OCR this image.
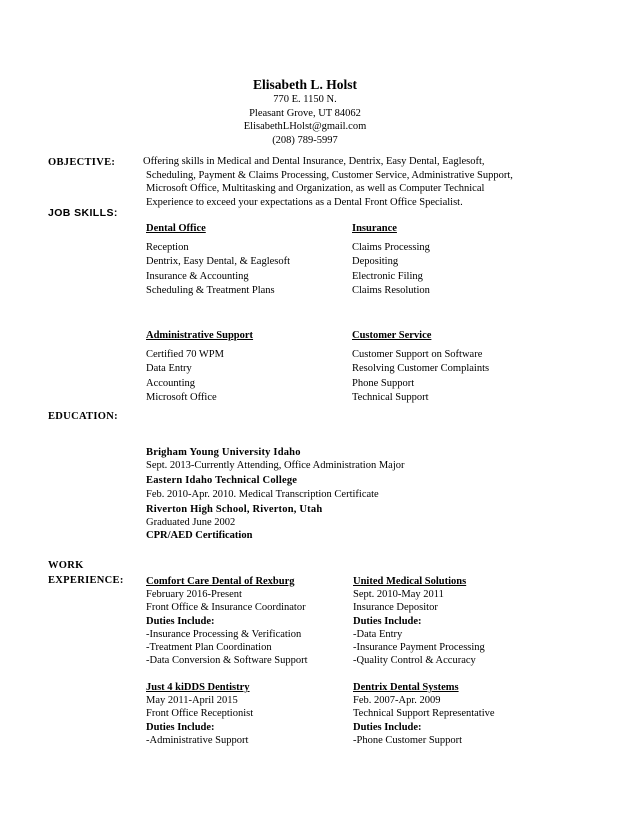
Elisabeth L. Holst
770 E. 1150 N.
Pleasant Grove, UT 84062
ElisabethLHolst@gmail.com
(208) 789-5997
OBJECTIVE:	Offering skills in Medical and Dental Insurance, Dentrix, Easy Dental, Eaglesoft,
Scheduling, Payment & Claims Processing, Customer Service, Administrative Support,
Microsoft Office, Multitasking and Organization, as well as Computer Technical
Experience to exceed your expectations as a Dental Front Office Specialist.
JOB SKILLS:
Dental Office
Reception
Dentrix, Easy Dental, & Eaglesoft
Insurance & Accounting
Scheduling & Treatment Plans
Insurance
Claims Processing
Depositing
Electronic Filing
Claims Resolution
Administrative Support
Certified 70 WPM
Data Entry
Accounting
Microsoft Office
Customer Service
Customer Support on Software
Resolving Customer Complaints
Phone Support
Technical Support
EDUCATION:
Brigham Young University Idaho
Sept. 2013-Currently Attending, Office Administration Major
Eastern Idaho Technical College
Feb. 2010-Apr. 2010. Medical Transcription Certificate
Riverton High School, Riverton, Utah
Graduated June 2002
CPR/AED Certification
WORK
EXPERIENCE: Comfort Care Dental of Rexburg
February 2016-Present
Front Office & Insurance Coordinator
Duties Include:
-Insurance Processing & Verification
-Treatment Plan Coordination
-Data Conversion & Software Support
United Medical Solutions
Sept. 2010-May 2011
Insurance Depositor
Duties Include:
-Data Entry
-Insurance Payment Processing
-Quality Control & Accuracy
Just 4 kiDDS Dentistry
May 2011-April 2015
Front Office Receptionist
Duties Include:
-Administrative Support
Dentrix Dental Systems
Feb. 2007-Apr. 2009
Technical Support Representative
Duties Include:
-Phone Customer Support
